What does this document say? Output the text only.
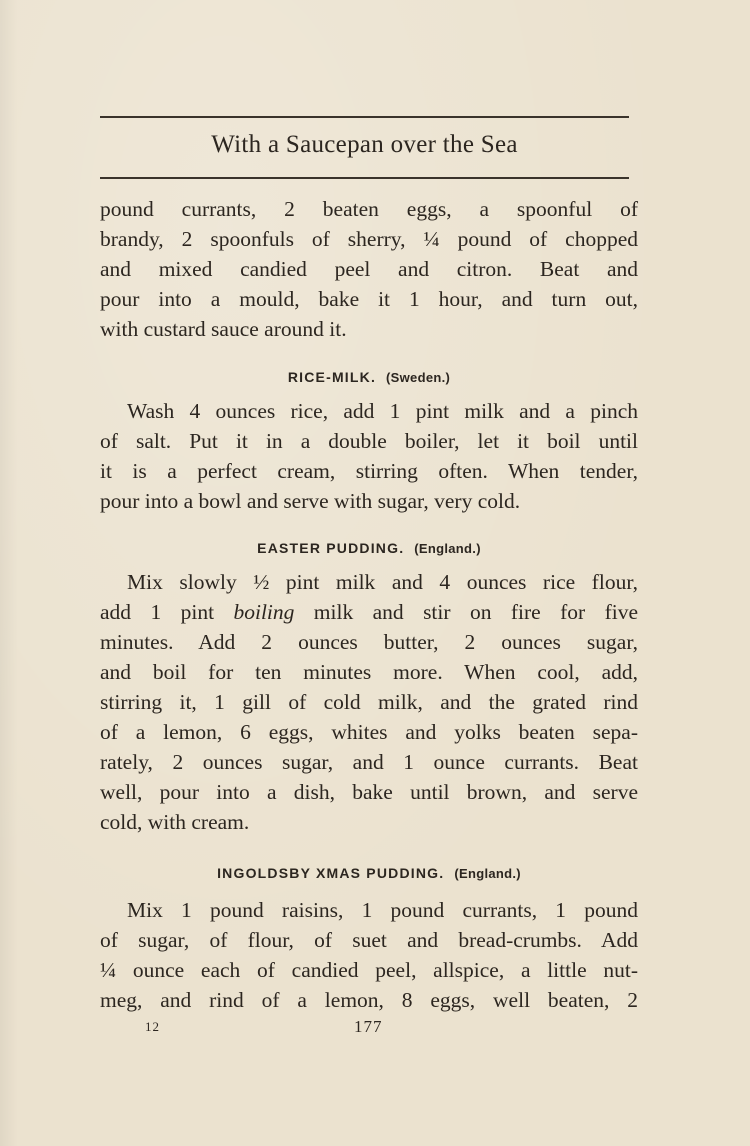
With a Saucepan over the Sea
pound currants, 2 beaten eggs, a spoonful of
brandy, 2 spoonfuls of sherry, ¼ pound of chopped
and mixed candied peel and citron. Beat and
pour into a mould, bake it 1 hour, and turn out,
with custard sauce around it.
RICE-MILK. (Sweden.)
Wash 4 ounces rice, add 1 pint milk and a pinch
of salt. Put it in a double boiler, let it boil until
it is a perfect cream, stirring often. When tender,
pour into a bowl and serve with sugar, very cold.
EASTER PUDDING. (England.)
Mix slowly ½ pint milk and 4 ounces rice flour,
add 1 pint boiling milk and stir on fire for five
minutes. Add 2 ounces butter, 2 ounces sugar,
and boil for ten minutes more. When cool, add,
stirring it, 1 gill of cold milk, and the grated rind
of a lemon, 6 eggs, whites and yolks beaten sepa-
rately, 2 ounces sugar, and 1 ounce currants. Beat
well, pour into a dish, bake until brown, and serve
cold, with cream.
INGOLDSBY XMAS PUDDING. (England.)
Mix 1 pound raisins, 1 pound currants, 1 pound
of sugar, of flour, of suet and bread-crumbs. Add
¼ ounce each of candied peel, allspice, a little nut-
meg, and rind of a lemon, 8 eggs, well beaten, 2
12	177
